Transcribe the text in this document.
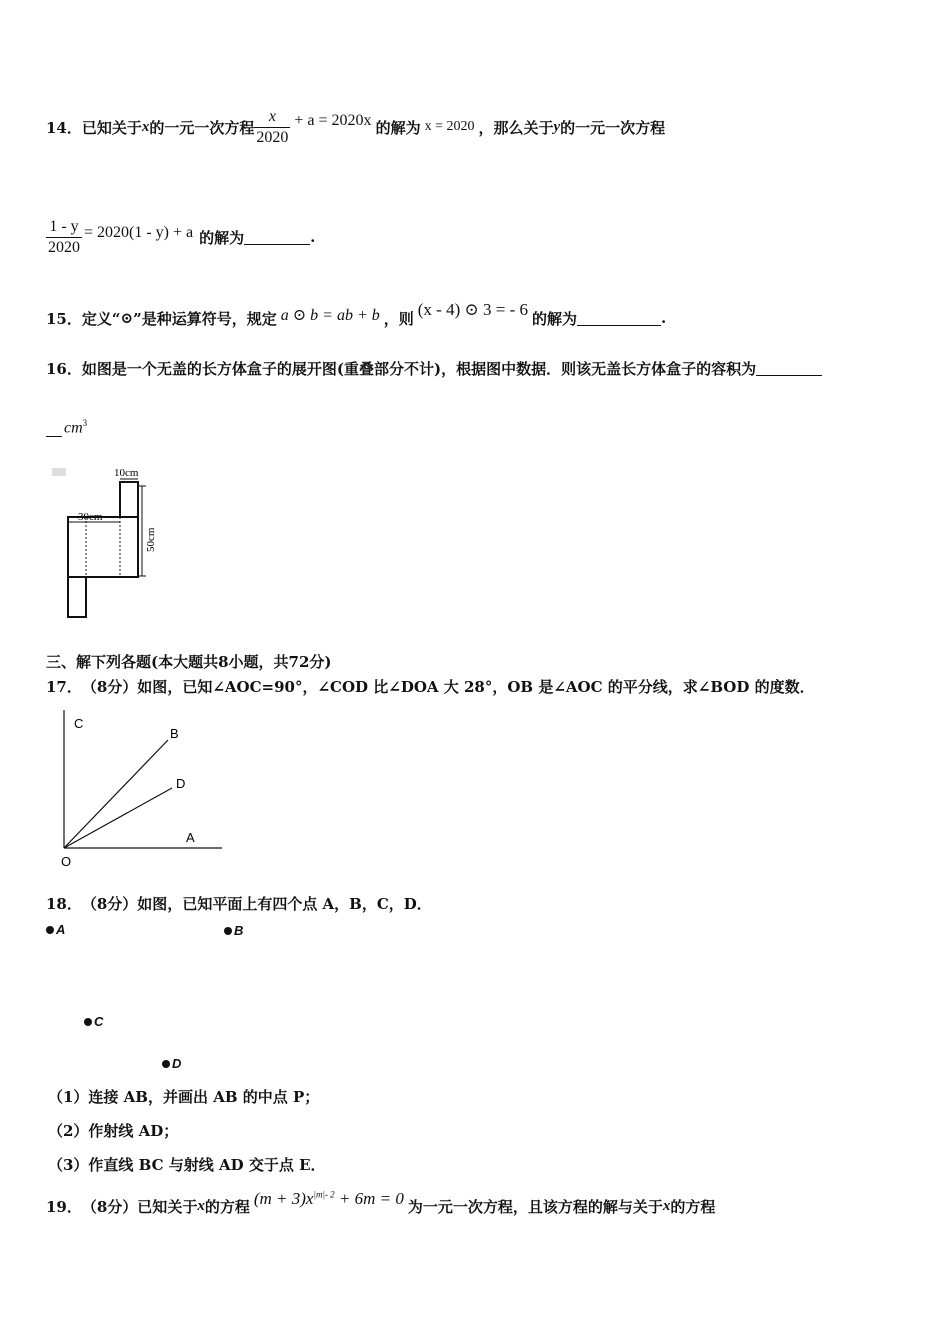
14． 已知关于 x 的一元一次方程 $\frac{x}{2020} + a = 2020x$ 的解为 x = 2020 ，那么关于 y 的一元一次方程
$\frac{1 - y}{2020} = 2020(1 - y) + a$ 的解为	.
15． 定义“ ⊙ ”是种运算符号，规定 a ⊙ b = ab + b ，则 (x - 4) ⊙ 3 = - 6 的解为	.
16． 如图是一个无盖的长方体盒子的展开图(重叠部分不计)，根据图中数据．则该无盖长方体盒子的容积为
$cm^3$
10cm
30cm
50cm
三、解下列各题(本大题共8小题，共72分)
17． （8分）如图，已知∠AOC=90°，∠COD 比∠DOA 大 28°，OB 是∠AOC 的平分线，求∠BOD 的度数．
C
B
D
A
O
18． （8分）如图，已知平面上有四个点 A，B，C，D．
A	B
C
D
（1）连接 AB，并画出 AB 的中点 P；
（2）作射线 AD；
（3）作直线 BC 与射线 AD 交于点 E．
19． （8分）已知关于 x 的方程 $(m + 3)x^{|m|- 2} + 6m = 0$ 为一元一次方程，且该方程的解与关于 x 的方程
